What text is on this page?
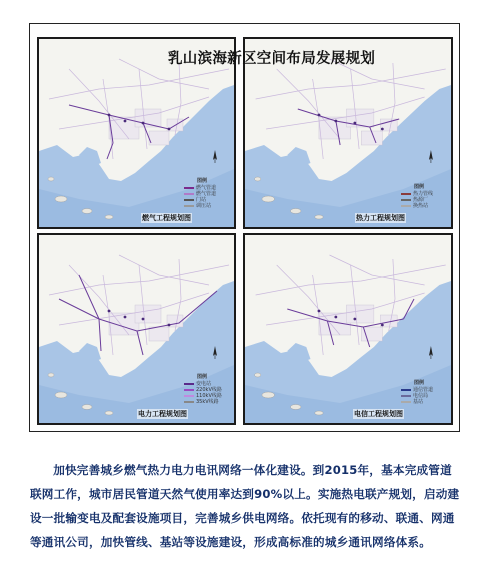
乳山滨海新区空间布局发展规划
图例
燃气管道
燃气管道
门站
调压站
燃气工程规划图
图例
热力管线
热源厂
换热站
热力工程规划图
图例
变电站
220kV线路
110kV线路
35kV线路
电力工程规划图
图例
通信管道
电信局
基站
电信工程规划图

加快完善城乡燃气热力电力电讯网络一体化建设。到2015年，基本完成管道联网工作，城市居民管道天然气使用率达到90%以上。实施热电联产规划，启动建设一批输变电及配套设施项目，完善城乡供电网络。依托现有的移动、联通、网通等通讯公司，加快管线、基站等设施建设，形成高标准的城乡通讯网络体系。
